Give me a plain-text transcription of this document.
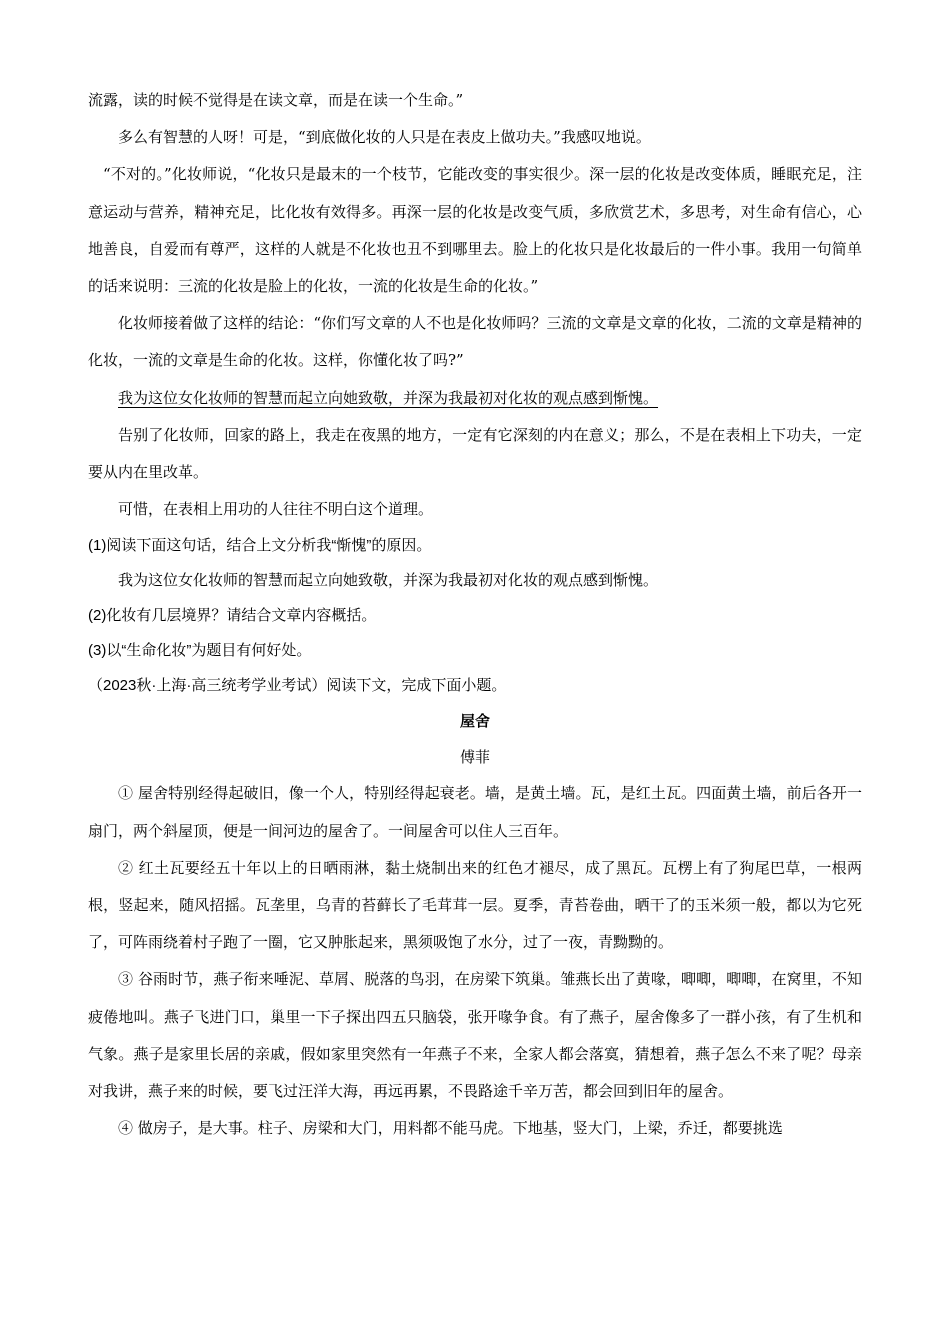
流露，读的时候不觉得是在读文章，而是在读一个生命。”

多么有智慧的人呀！可是，“到底做化妆的人只是在表皮上做功夫。”我感叹地说。

“不对的。”化妆师说，“化妆只是最末的一个枝节，它能改变的事实很少。深一层的化妆是改变体质，睡眠充足，注意运动与营养，精神充足，比化妆有效得多。再深一层的化妆是改变气质，多欣赏艺术，多思考，对生命有信心，心地善良，自爱而有尊严，这样的人就是不化妆也丑不到哪里去。脸上的化妆只是化妆最后的一件小事。我用一句简单的话来说明：三流的化妆是脸上的化妆，一流的化妆是生命的化妆。”

化妆师接着做了这样的结论：“你们写文章的人不也是化妆师吗？三流的文章是文章的化妆，二流的文章是精神的化妆，一流的文章是生命的化妆。这样，你懂化妆了吗?”

我为这位女化妆师的智慧而起立向她致敬，并深为我最初对化妆的观点感到惭愧。

告别了化妆师，回家的路上，我走在夜黑的地方，一定有它深刻的内在意义；那么，不是在表相上下功夫，一定要从内在里改革。

可惜，在表相上用功的人往往不明白这个道理。

(1)阅读下面这句话，结合上文分析我“惭愧”的原因。

我为这位女化妆师的智慧而起立向她致敬，并深为我最初对化妆的观点感到惭愧。

(2)化妆有几层境界？请结合文章内容概括。

(3)以“生命化妆”为题目有何好处。

（2023秋·上海·高三统考学业考试）阅读下文，完成下面小题。

屋舍

傅菲

① 屋舍特别经得起破旧，像一个人，特别经得起衰老。墙，是黄土墙。瓦，是红土瓦。四面黄土墙，前后各开一扇门，两个斜屋顶，便是一间河边的屋舍了。一间屋舍可以住人三百年。

② 红土瓦要经五十年以上的日晒雨淋，黏土烧制出来的红色才褪尽，成了黑瓦。瓦楞上有了狗尾巴草，一根两根，竖起来，随风招摇。瓦垄里，乌青的苔藓长了毛茸茸一层。夏季，青苔卷曲，晒干了的玉米须一般，都以为它死了，可阵雨绕着村子跑了一圈，它又肿胀起来，黑须吸饱了水分，过了一夜，青黝黝的。

③ 谷雨时节，燕子衔来唾泥、草屑、脱落的鸟羽，在房梁下筑巢。雏燕长出了黄喙，唧唧，唧唧，在窝里，不知疲倦地叫。燕子飞进门口，巢里一下子探出四五只脑袋，张开喙争食。有了燕子，屋舍像多了一群小孩，有了生机和气象。燕子是家里长居的亲戚，假如家里突然有一年燕子不来，全家人都会落寞，猜想着，燕子怎么不来了呢？母亲对我讲，燕子来的时候，要飞过汪洋大海，再远再累，不畏路途千辛万苦，都会回到旧年的屋舍。

④ 做房子，是大事。柱子、房梁和大门，用料都不能马虎。下地基，竖大门，上梁，乔迁，都要挑选
